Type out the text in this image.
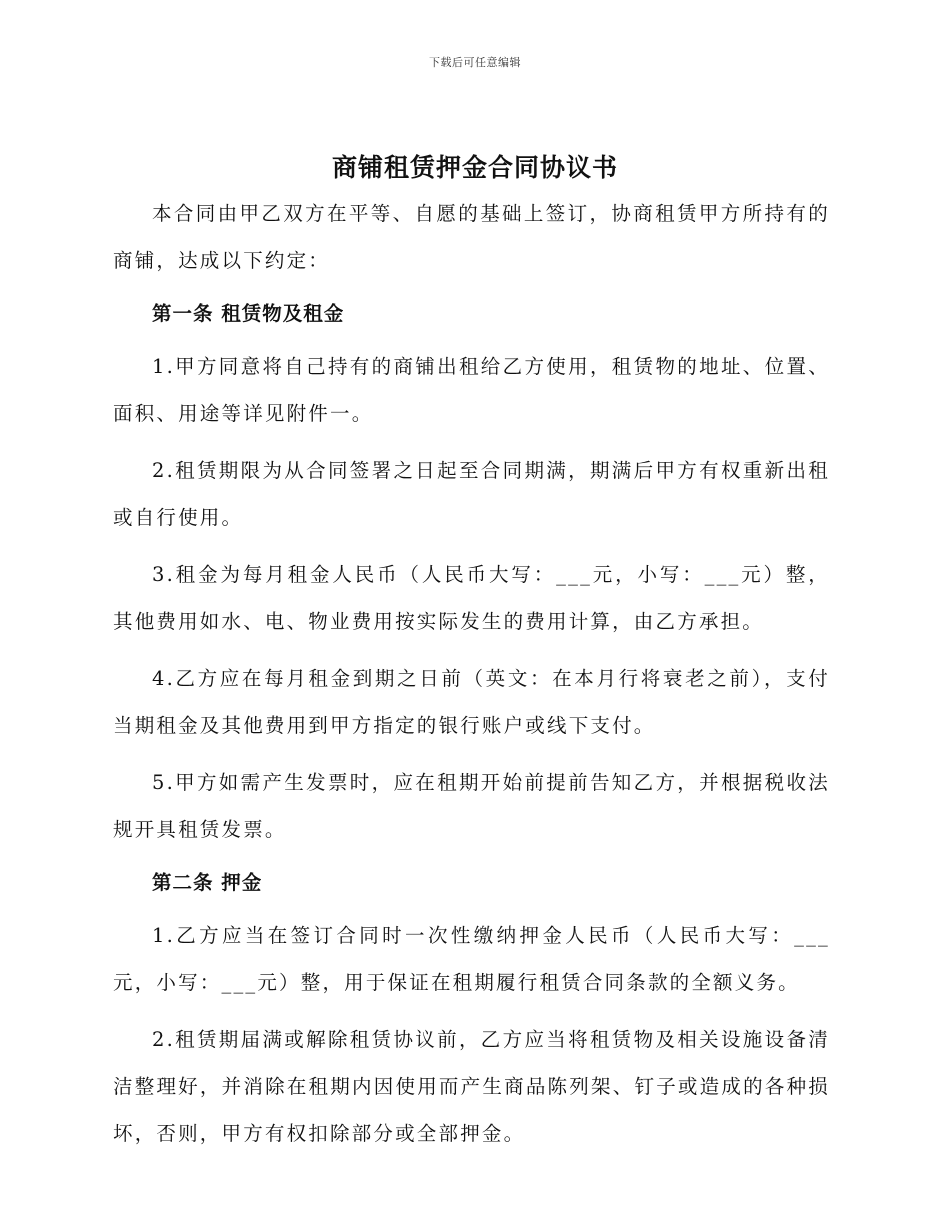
下载后可任意编辑
商铺租赁押金合同协议书

本合同由甲乙双方在平等、自愿的基础上签订，协商租赁甲方所持有的商铺，达成以下约定：

第一条 租赁物及租金

1.甲方同意将自己持有的商铺出租给乙方使用，租赁物的地址、位置、面积、用途等详见附件一。

2.租赁期限为从合同签署之日起至合同期满，期满后甲方有权重新出租或自行使用。

3.租金为每月租金人民币（人民币大写：___元，小写：___元）整，其他费用如水、电、物业费用按实际发生的费用计算，由乙方承担。

4.乙方应在每月租金到期之日前（英文：在本月行将衰老之前），支付当期租金及其他费用到甲方指定的银行账户或线下支付。

5.甲方如需产生发票时，应在租期开始前提前告知乙方，并根据税收法规开具租赁发票。

第二条 押金

1.乙方应当在签订合同时一次性缴纳押金人民币（人民币大写：___元，小写：___元）整，用于保证在租期履行租赁合同条款的全额义务。

2.租赁期届满或解除租赁协议前，乙方应当将租赁物及相关设施设备清洁整理好，并消除在租期内因使用而产生商品陈列架、钉子或造成的各种损坏，否则，甲方有权扣除部分或全部押金。
